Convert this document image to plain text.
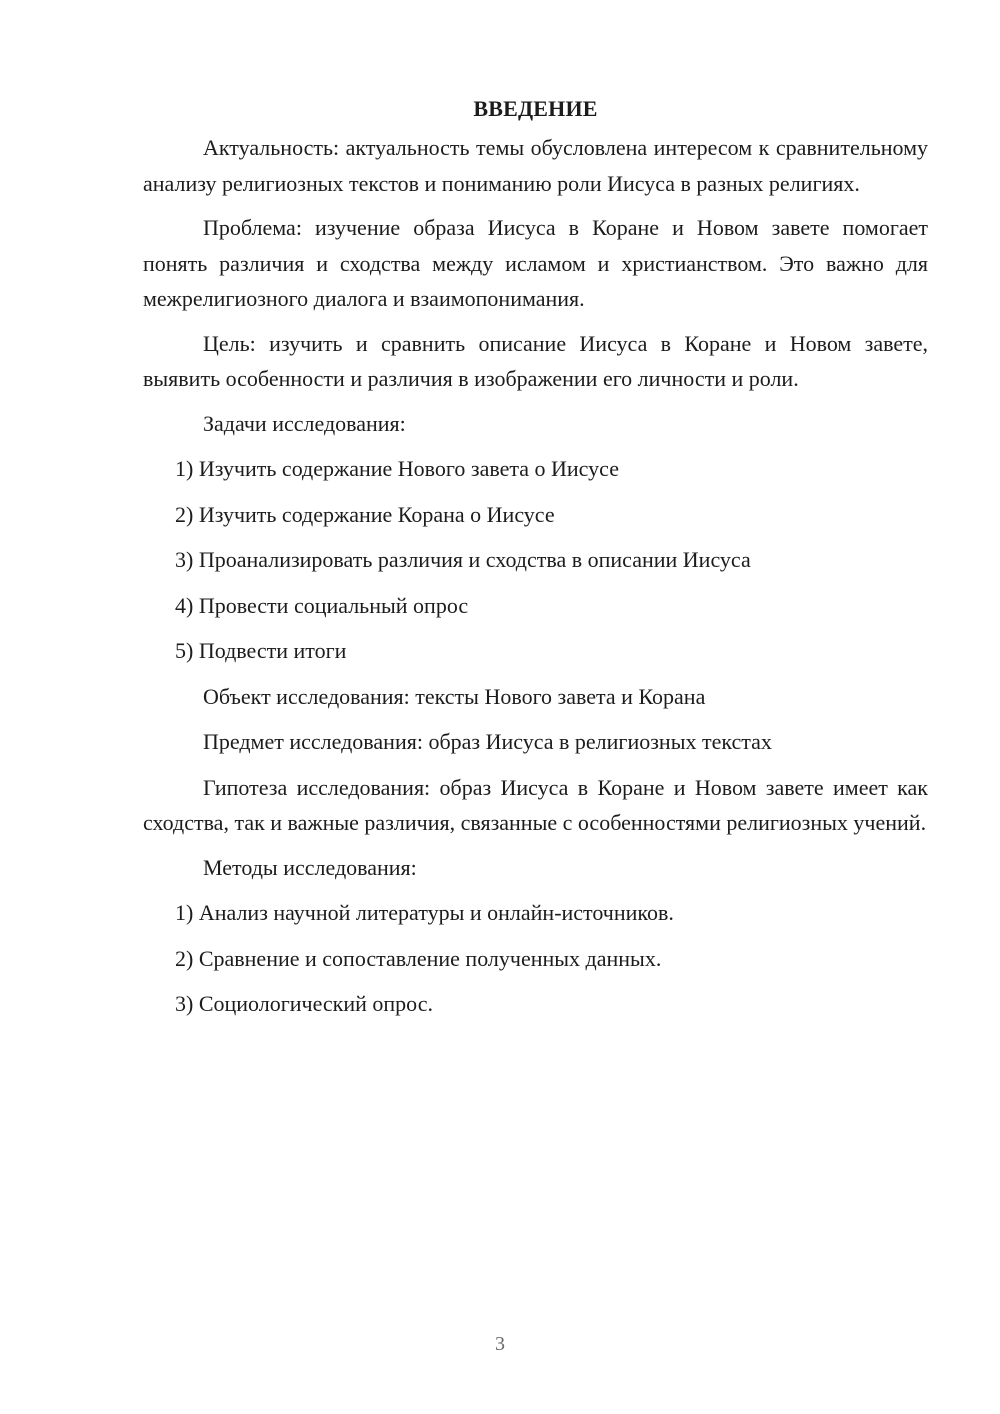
ВВЕДЕНИЕ

Актуальность: актуальность темы обусловлена интересом к сравнительному анализу религиозных текстов и пониманию роли Иисуса в разных религиях.

Проблема: изучение образа Иисуса в Коране и Новом завете помогает понять различия и сходства между исламом и христианством. Это важно для межрелигиозного диалога и взаимопонимания.

Цель: изучить и сравнить описание Иисуса в Коране и Новом завете, выявить особенности и различия в изображении его личности и роли.

Задачи исследования:

1) Изучить содержание Нового завета о Иисусе

2) Изучить содержание Корана о Иисусе

3) Проанализировать различия и сходства в описании Иисуса

4) Провести социальный опрос

5) Подвести итоги

Объект исследования: тексты Нового завета и Корана

Предмет исследования: образ Иисуса в религиозных текстах

Гипотеза исследования: образ Иисуса в Коране и Новом завете имеет как сходства, так и важные различия, связанные с особенностями религиозных учений.

Методы исследования:

1) Анализ научной литературы и онлайн-источников.

2) Сравнение и сопоставление полученных данных.

3) Социологический опрос.

3
